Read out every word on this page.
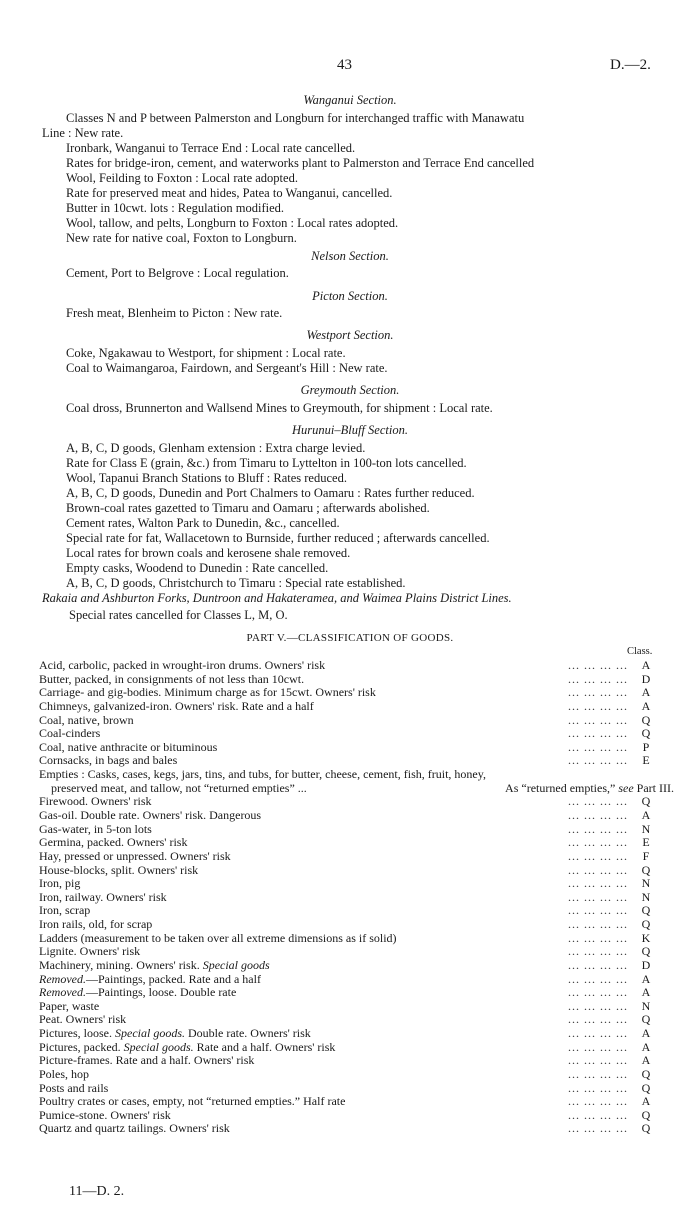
43	D.—2.
Wanganui Section.
Classes N and P between Palmerston and Longburn for interchanged traffic with Manawatu
Line : New rate.
Ironbark, Wanganui to Terrace End : Local rate cancelled.
Rates for bridge-iron, cement, and waterworks plant to Palmerston and Terrace End cancelled
Wool, Feilding to Foxton : Local rate adopted.
Rate for preserved meat and hides, Patea to Wanganui, cancelled.
Butter in 10cwt. lots : Regulation modified.
Wool, tallow, and pelts, Longburn to Foxton : Local rates adopted.
New rate for native coal, Foxton to Longburn.
Nelson Section.
Cement, Port to Belgrove : Local regulation.
Picton Section.
Fresh meat, Blenheim to Picton : New rate.
Westport Section.
Coke, Ngakawau to Westport, for shipment : Local rate.
Coal to Waimangaroa, Fairdown, and Sergeant's Hill : New rate.
Greymouth Section.
Coal dross, Brunnerton and Wallsend Mines to Greymouth, for shipment : Local rate.
Hurunui–Bluff Section.
A, B, C, D goods, Glenham extension : Extra charge levied.
Rate for Class E (grain, &c.) from Timaru to Lyttelton in 100-ton lots cancelled.
Wool, Tapanui Branch Stations to Bluff : Rates reduced.
A, B, C, D goods, Dunedin and Port Chalmers to Oamaru : Rates further reduced.
Brown-coal rates gazetted to Timaru and Oamaru ; afterwards abolished.
Cement rates, Walton Park to Dunedin, &c., cancelled.
Special rate for fat, Wallacetown to Burnside, further reduced ; afterwards cancelled.
Local rates for brown coals and kerosene shale removed.
Empty casks, Woodend to Dunedin : Rate cancelled.
A, B, C, D goods, Christchurch to Timaru : Special rate established.
Rakaia and Ashburton Forks, Duntroon and Hakateramea, and Waimea Plains District Lines.
Special rates cancelled for Classes L, M, O.
PART V.—CLASSIFICATION OF GOODS.
Class.
Acid, carbolic, packed in wrought-iron drums. Owners' risk	... ... ... ...	A
Butter, packed, in consignments of not less than 10cwt.	... ... ... ...	D
Carriage- and gig-bodies. Minimum charge as for 15cwt. Owners' risk	... ... ... ...	A
Chimneys, galvanized-iron. Owners' risk. Rate and a half	... ... ... ...	A
Coal, native, brown	... ... ... ...	Q
Coal-cinders	... ... ... ...	Q
Coal, native anthracite or bituminous	... ... ... ...	P
Cornsacks, in bags and bales	... ... ... ...	E
Empties : Casks, cases, kegs, jars, tins, and tubs, for butter, cheese, cement, fish, fruit, honey,
preserved meat, and tallow, not “returned empties” ...	As “returned empties,” see Part III.
Firewood. Owners' risk	... ... ... ...	Q
Gas-oil. Double rate. Owners' risk. Dangerous	... ... ... ...	A
Gas-water, in 5-ton lots	... ... ... ...	N
Germina, packed. Owners' risk	... ... ... ...	E
Hay, pressed or unpressed. Owners' risk	... ... ... ...	F
House-blocks, split. Owners' risk	... ... ... ...	Q
Iron, pig	... ... ... ...	N
Iron, railway. Owners' risk	... ... ... ...	N
Iron, scrap	... ... ... ...	Q
Iron rails, old, for scrap	... ... ... ...	Q
Ladders (measurement to be taken over all extreme dimensions as if solid)	... ... ... ...	K
Lignite. Owners' risk	... ... ... ...	Q
Machinery, mining. Owners' risk. Special goods	... ... ... ...	D
Removed.—Paintings, packed. Rate and a half	... ... ... ...	A
Removed.—Paintings, loose. Double rate	... ... ... ...	A
Paper, waste	... ... ... ...	N
Peat. Owners' risk	... ... ... ...	Q
Pictures, loose. Special goods. Double rate. Owners' risk	... ... ... ...	A
Pictures, packed. Special goods. Rate and a half. Owners' risk	... ... ... ...	A
Picture-frames. Rate and a half. Owners' risk	... ... ... ...	A
Poles, hop	... ... ... ...	Q
Posts and rails	... ... ... ...	Q
Poultry crates or cases, empty, not “returned empties.” Half rate	... ... ... ...	A
Pumice-stone. Owners' risk	... ... ... ...	Q
Quartz and quartz tailings. Owners' risk	... ... ... ...	Q
11—D. 2.
